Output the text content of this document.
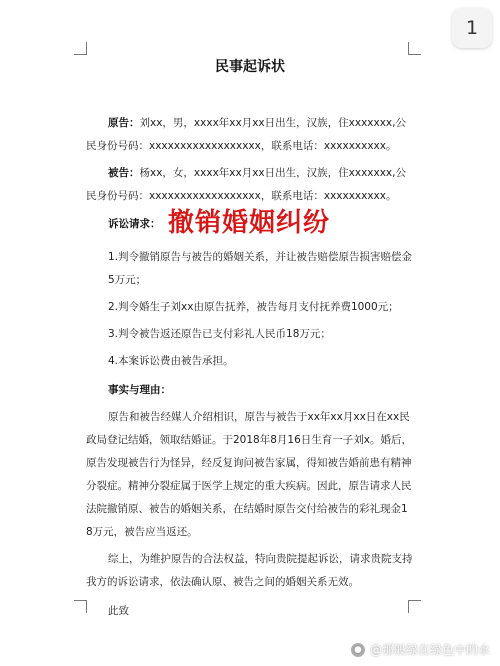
1
民事起诉状

原告：刘xx，男，xxxx年xx月xx日出生，汉族，住xxxxxxx,公民身份号码：xxxxxxxxxxxxxxxxxx，联系电话：xxxxxxxxxx。

被告：杨xx，女，xxxx年xx月xx日出生，汉族，住xxxxxxx,公民身份号码：xxxxxxxxxxxxxxxxxx，联系电话：xxxxxxxxxx。

诉讼请求： 撤销婚姻纠纷

1.判令撤销原告与被告的婚姻关系，并让被告赔偿原告损害赔偿金5万元；

2.判令婚生子刘xx由原告抚养，被告每月支付抚养费1000元；

3.判令被告返还原告已支付彩礼人民币18万元；

4.本案诉讼费由被告承担。

事实与理由：

原告和被告经媒人介绍相识，原告与被告于xx年xx月xx日在xx民政局登记结婚，领取结婚证。于2018年8月16日生育一子刘x。婚后，原告发现被告行为怪异，经反复询问被告家属，得知被告婚前患有精神分裂症。精神分裂症属于医学上规定的重大疾病。因此，原告请求人民法院撤销原、被告的婚姻关系，在结婚时原告交付给被告的彩礼现金18万元，被告应当返还。

综上，为维护原告的合法权益，特向贵院提起诉讼，请求贵院支持我方的诉讼请求，依法确认原、被告之间的婚姻关系无效。

此致
● @那般绿在绿色中的水
